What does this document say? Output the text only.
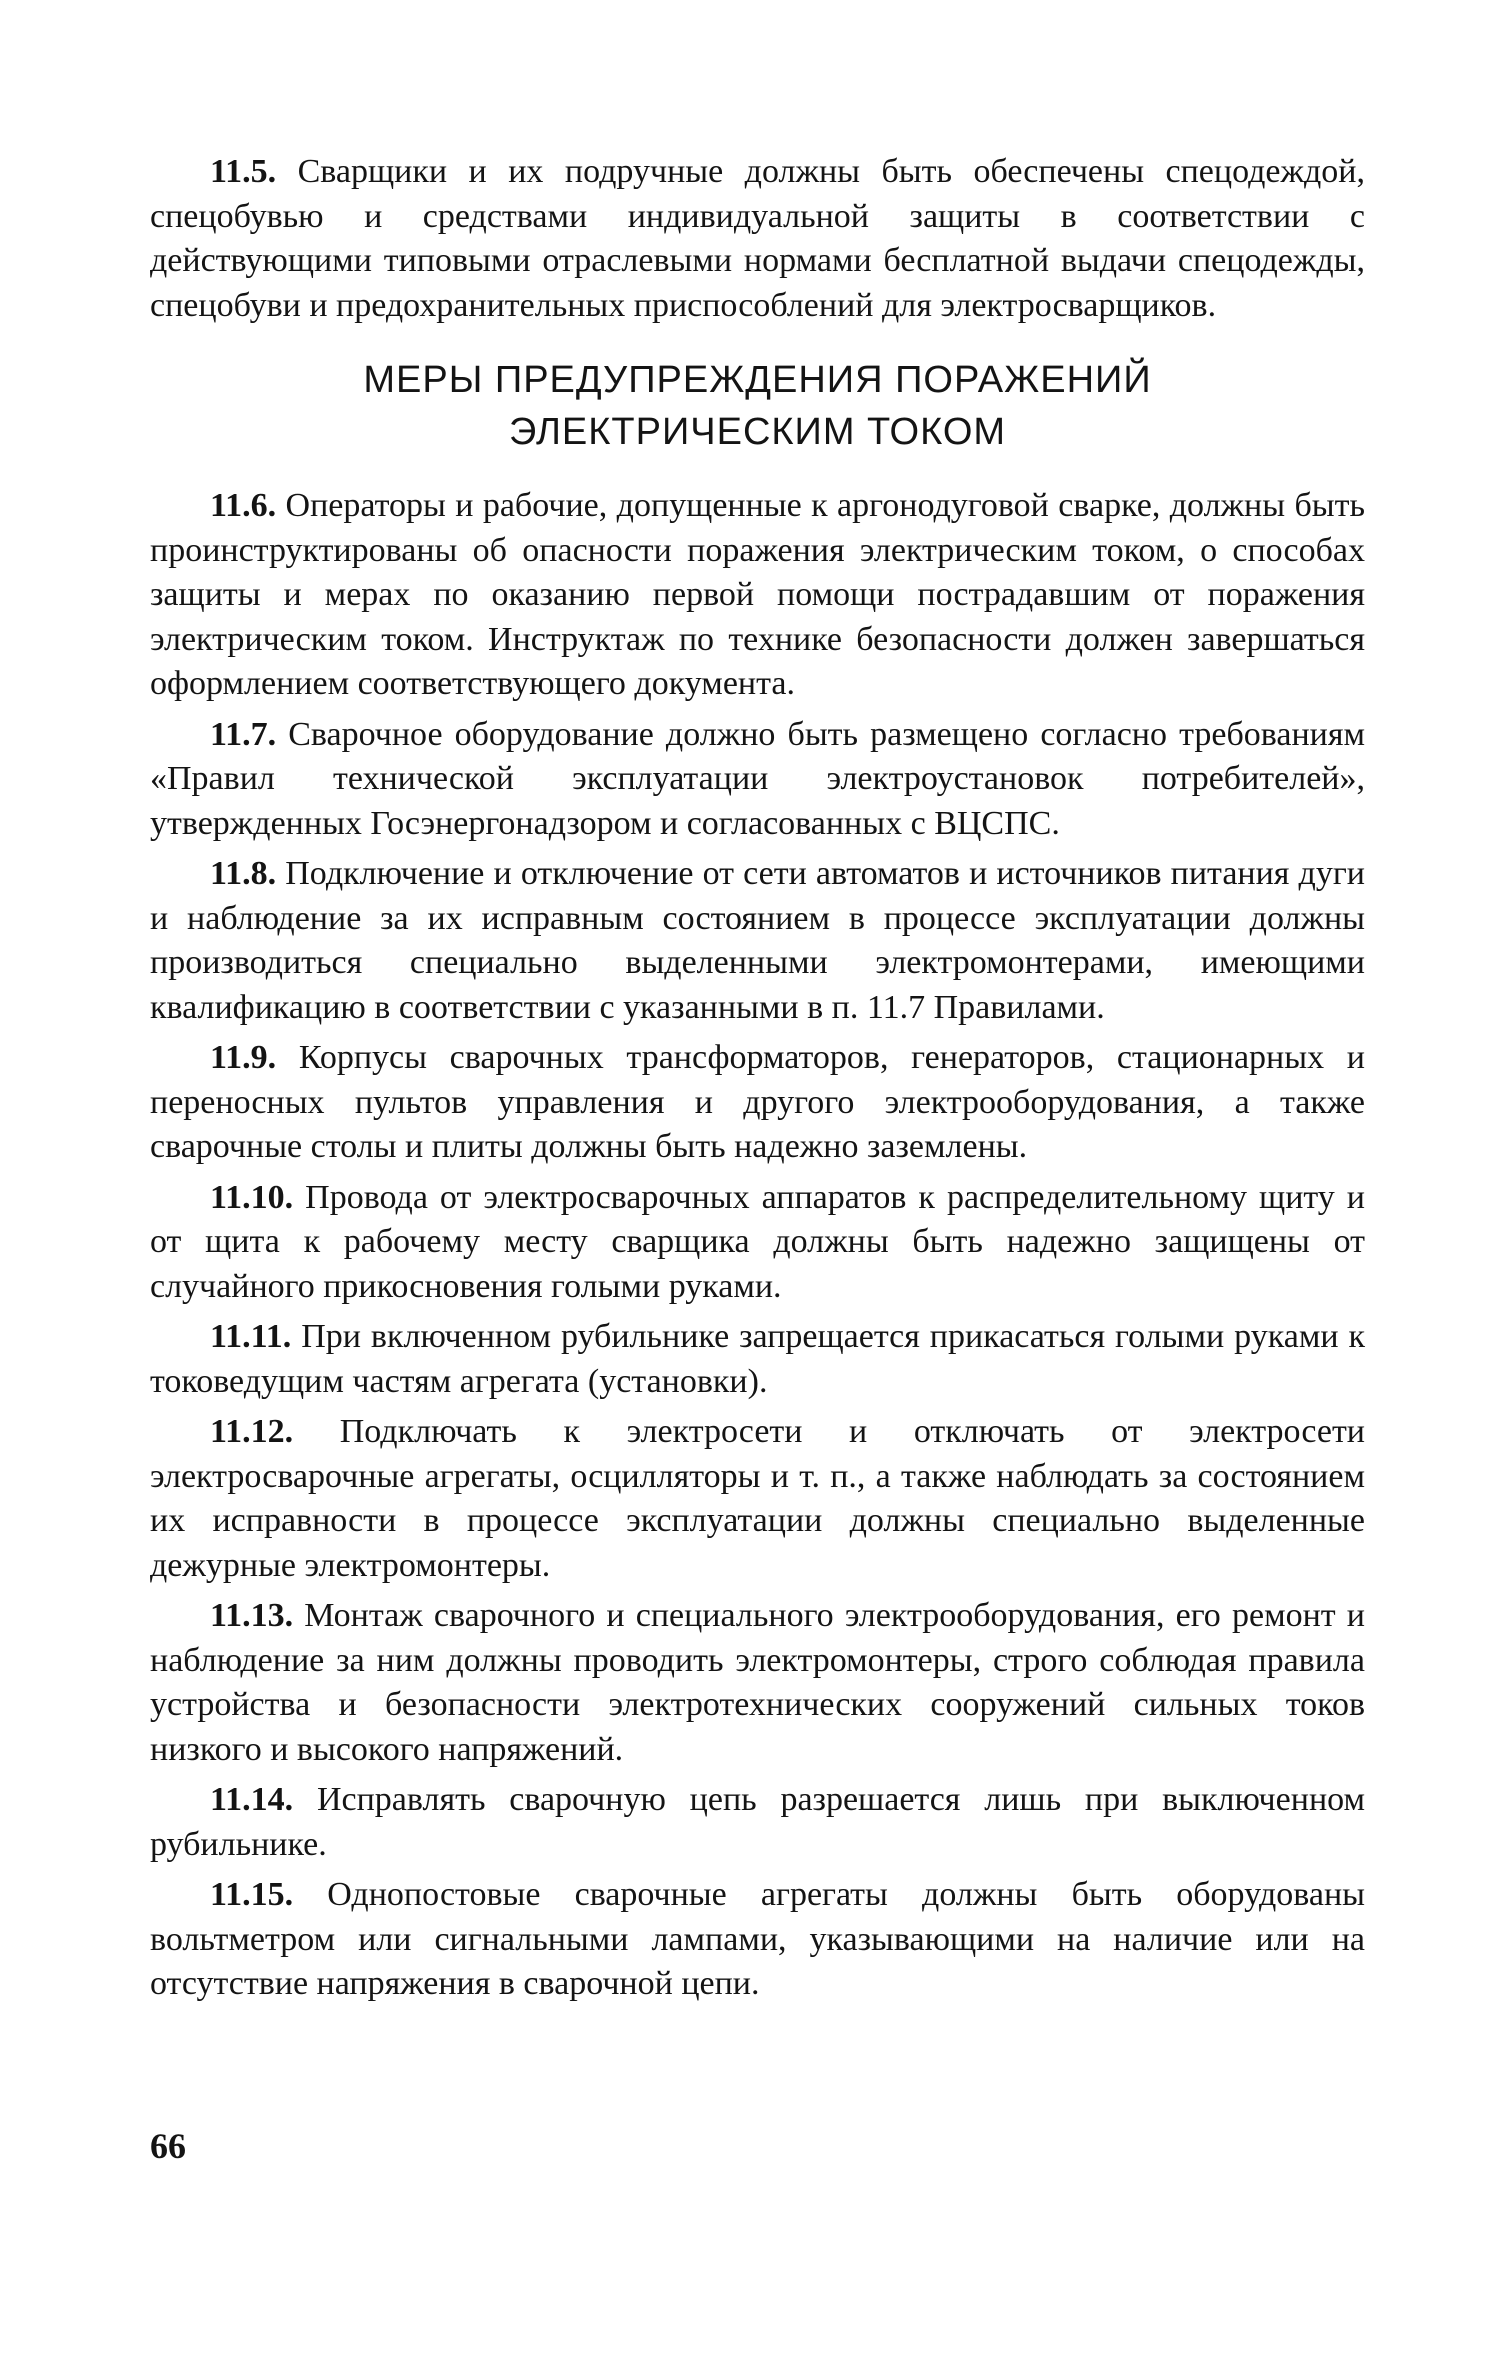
11.5. Сварщики и их подручные должны быть обеспечены спецодеждой, спецобувью и средствами индивидуальной защиты в соответствии с действующими типовыми отраслевыми нормами бесплатной выдачи спецодежды, спецобуви и предохранительных приспособлений для электросварщиков.

МЕРЫ ПРЕДУПРЕЖДЕНИЯ ПОРАЖЕНИЙ
ЭЛЕКТРИЧЕСКИМ ТОКОМ

11.6. Операторы и рабочие, допущенные к аргонодуговой сварке, должны быть проинструктированы об опасности поражения электрическим током, о способах защиты и мерах по оказанию первой помощи пострадавшим от поражения электрическим током. Инструктаж по технике безопасности должен завершаться оформлением соответствующего документа.

11.7. Сварочное оборудование должно быть размещено согласно требованиям «Правил технической эксплуатации электроустановок потребителей», утвержденных Госэнергонадзором и согласованных с ВЦСПС.

11.8. Подключение и отключение от сети автоматов и источников питания дуги и наблюдение за их исправным состоянием в процессе эксплуатации должны производиться специально выделенными электромонтерами, имеющими квалификацию в соответствии с указанными в п. 11.7 Правилами.

11.9. Корпусы сварочных трансформаторов, генераторов, стационарных и переносных пультов управления и другого электрооборудования, а также сварочные столы и плиты должны быть надежно заземлены.

11.10. Провода от электросварочных аппаратов к распределительному щиту и от щита к рабочему месту сварщика должны быть надежно защищены от случайного прикосновения голыми руками.

11.11. При включенном рубильнике запрещается прикасаться голыми руками к токоведущим частям агрегата (установки).

11.12. Подключать к электросети и отключать от электросети электросварочные агрегаты, осцилляторы и т. п., а также наблюдать за состоянием их исправности в процессе эксплуатации должны специально выделенные дежурные электромонтеры.

11.13. Монтаж сварочного и специального электрооборудования, его ремонт и наблюдение за ним должны проводить электромонтеры, строго соблюдая правила устройства и безопасности электротехнических сооружений сильных токов низкого и высокого напряжений.

11.14. Исправлять сварочную цепь разрешается лишь при выключенном рубильнике.

11.15. Однопостовые сварочные агрегаты должны быть оборудованы вольтметром или сигнальными лампами, указывающими на наличие или на отсутствие напряжения в сварочной цепи.

66
